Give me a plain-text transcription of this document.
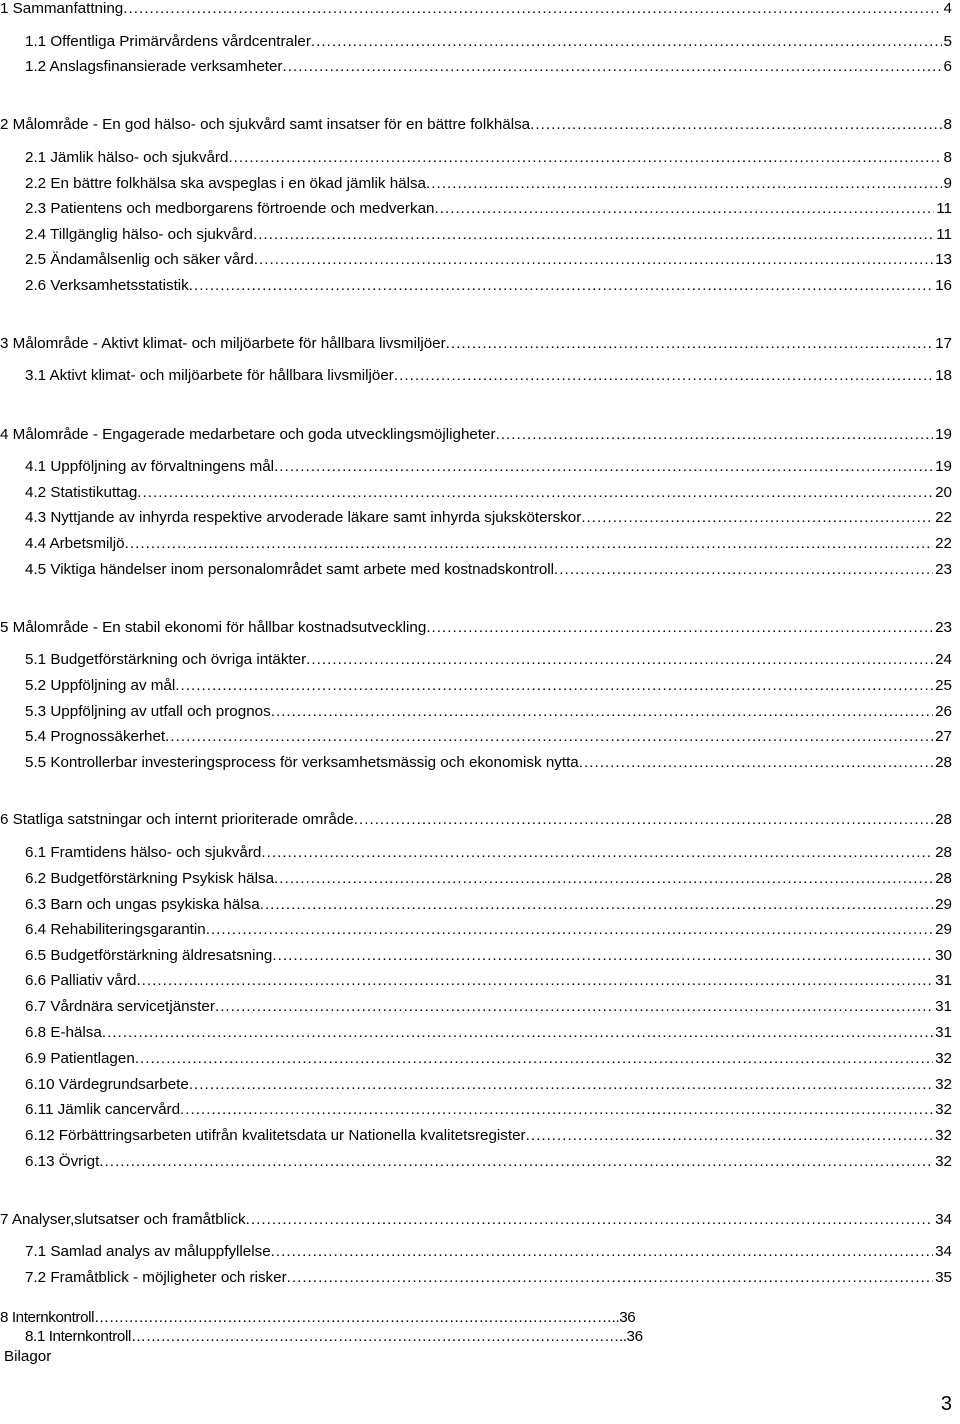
1 Sammanfattning . . .	4
1.1 Offentliga Primärvårdens vårdcentraler . . .	5
1.2 Anslagsfinansierade verksamheter . . .	6
2 Målområde - En god hälso- och sjukvård samt insatser för en bättre folkhälsa . . .	8
2.1 Jämlik hälso- och sjukvård . . .	8
2.2 En bättre folkhälsa ska avspeglas i en ökad jämlik hälsa . . .	9
2.3 Patientens och medborgarens förtroende och medverkan . . .	11
2.4 Tillgänglig hälso- och sjukvård . . .	11
2.5 Ändamålsenlig och säker vård . . .	13
2.6 Verksamhetsstatistik . . .	16
3 Målområde - Aktivt klimat- och miljöarbete för hållbara livsmiljöer . . .	17
3.1 Aktivt klimat- och miljöarbete för hållbara livsmiljöer . . .	18
4 Målområde - Engagerade medarbetare och goda utvecklingsmöjligheter . . .	19
4.1 Uppföljning av förvaltningens mål . . .	19
4.2 Statistikuttag . . .	20
4.3 Nyttjande av inhyrda respektive arvoderade läkare samt inhyrda sjuksköterskor . . .	22
4.4 Arbetsmiljö . . .	22
4.5 Viktiga händelser inom personalområdet samt arbete med kostnadskontroll . . .	23
5 Målområde - En stabil ekonomi för hållbar kostnadsutveckling . . .	23
5.1 Budgetförstärkning och övriga intäkter . . .	24
5.2 Uppföljning av mål . . .	25
5.3 Uppföljning av utfall och prognos . . .	26
5.4 Prognossäkerhet . . .	27
5.5 Kontrollerbar investeringsprocess för verksamhetsmässig och ekonomisk nytta . . .	28
6 Statliga satstningar och internt prioriterade område . . .	28
6.1 Framtidens hälso- och sjukvård . . .	28
6.2 Budgetförstärkning Psykisk hälsa . . .	28
6.3 Barn och ungas psykiska hälsa . . .	29
6.4 Rehabiliteringsgarantin . . .	29
6.5 Budgetförstärkning äldresatsning . . .	30
6.6 Palliativ vård . . .	31
6.7 Vårdnära servicetjänster . . .	31
6.8 E-hälsa . . .	31
6.9 Patientlagen . . .	32
6.10 Värdegrundsarbete . . .	32
6.11 Jämlik cancervård . . .	32
6.12 Förbättringsarbeten utifrån kvalitetsdata ur Nationella kvalitetsregister . . .	32
6.13 Övrigt . . .	32
7 Analyser,slutsatser och framåtblick . . .	34
7.1 Samlad analys av måluppfyllelse . . .	34
7.2 Framåtblick - möjligheter och risker . . .	35
8 Internkontroll……………………………………………………………………………………………..36
8.1 Internkontroll………………………………………………………………………………………..36
Bilagor
3
